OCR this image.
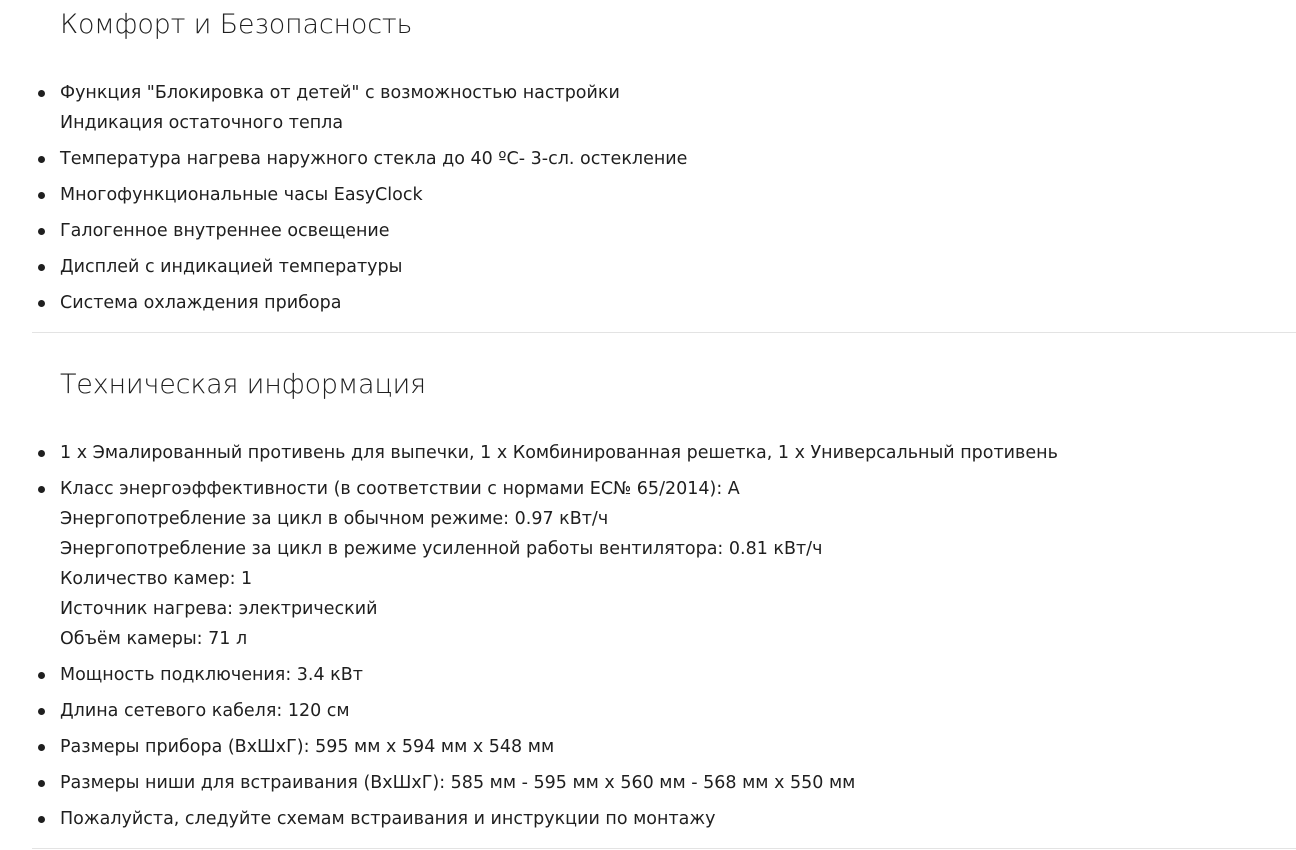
Комфорт и Безопасность
Функция "Блокировка от детей" с возможностью настройки
Индикация остаточного тепла
Температура нагрева наружного стекла до 40 ºC- 3-сл. остекление
Многофункциональные часы EasyClock
Галогенное внутреннее освещение
Дисплей с индикацией температуры
Система охлаждения прибора
Техническая информация
1 x Эмалированный противень для выпечки, 1 x Комбинированная решетка, 1 x Универсальный противень
Класс энергоэффективности (в соответствии с нормами ЕС№ 65/2014): A
Энергопотребление за цикл в обычном режиме: 0.97 кВт/ч
Энергопотребление за цикл в режиме усиленной работы вентилятора: 0.81 кВт/ч
Количество камер: 1
Источник нагрева: электрический
Объём камеры: 71 л
Мощность подключения: 3.4 кВт
Длина сетевого кабеля: 120 см
Размеры прибора (ВxШxГ): 595 мм x 594 мм x 548 мм
Размеры ниши для встраивания (ВxШxГ): 585 мм - 595 мм x 560 мм - 568 мм x 550 мм
Пожалуйста, следуйте схемам встраивания и инструкции по монтажу
